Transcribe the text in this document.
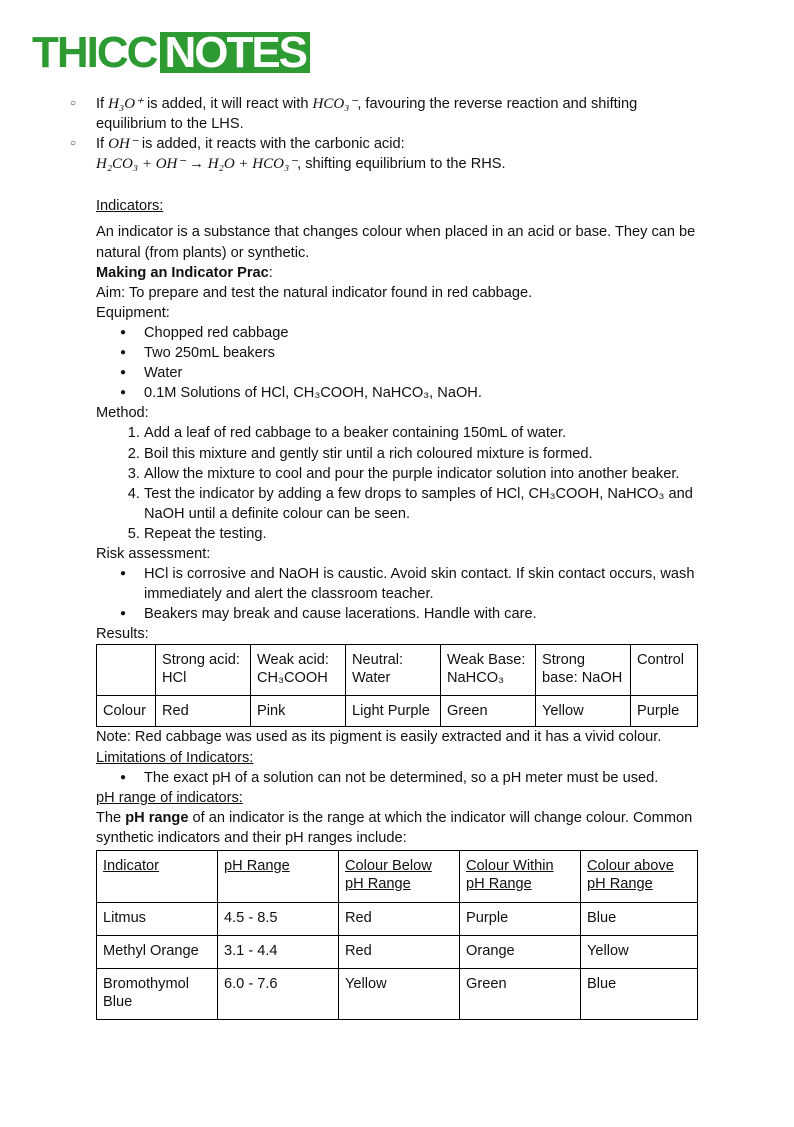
THICC NOTES
○ If H₃O⁺ is added, it will react with HCO₃⁻, favouring the reverse reaction and shifting equilibrium to the LHS.
○ If OH⁻ is added, it reacts with the carbonic acid:
H₂CO₃ + OH⁻ → H₂O + HCO₃⁻, shifting equilibrium to the RHS.

Indicators:

An indicator is a substance that changes colour when placed in an acid or base. They can be natural (from plants) or synthetic.

Making an Indicator Prac:

Aim: To prepare and test the natural indicator found in red cabbage.

Equipment:

● Chopped red cabbage
● Two 250mL beakers
● Water
● 0.1M Solutions of HCl, CH₃COOH, NaHCO₃, NaOH.

Method:

1. Add a leaf of red cabbage to a beaker containing 150mL of water.
2. Boil this mixture and gently stir until a rich coloured mixture is formed.
3. Allow the mixture to cool and pour the purple indicator solution into another beaker.
4. Test the indicator by adding a few drops to samples of HCl, CH₃COOH, NaHCO₃ and NaOH until a definite colour can be seen.
5. Repeat the testing.

Risk assessment:

● HCl is corrosive and NaOH is caustic. Avoid skin contact. If skin contact occurs, wash immediately and alert the classroom teacher.
● Beakers may break and cause lacerations. Handle with care.

Results:

	Strong acid: HCl	Weak acid: CH₃COOH	Neutral: Water	Weak Base: NaHCO₃	Strong base: NaOH	Control
Colour	Red	Pink	Light Purple	Green	Yellow	Purple

Note: Red cabbage was used as its pigment is easily extracted and it has a vivid colour.

Limitations of Indicators:

● The exact pH of a solution can not be determined, so a pH meter must be used.

pH range of indicators:

The pH range of an indicator is the range at which the indicator will change colour. Common synthetic indicators and their pH ranges include:

Indicator	pH Range	Colour Below pH Range	Colour Within pH Range	Colour above pH Range
Litmus	4.5 - 8.5	Red	Purple	Blue
Methyl Orange	3.1 - 4.4	Red	Orange	Yellow
Bromothymol Blue	6.0 - 7.6	Yellow	Green	Blue
